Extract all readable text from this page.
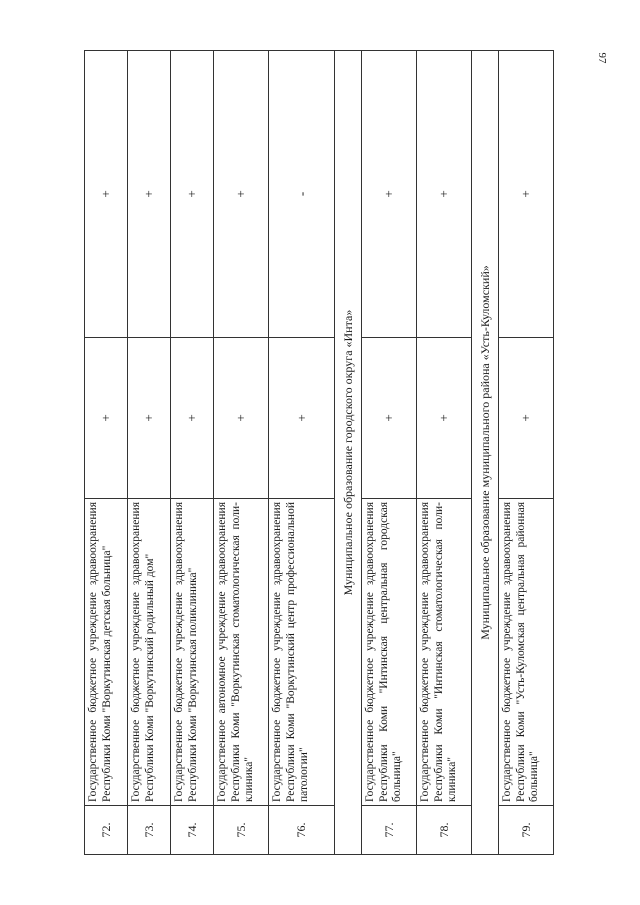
97
72.	Государственное бюджетное учреждение здравоохранения Республики Коми "Воркутинская детская больница"	+	+
73.	Государственное бюджетное учреждение здравоохранения Республики Коми "Воркутинский родильный дом"	+	+
74.	Государственное бюджетное учреждение здравоохранения Республики Коми "Воркутинская поликлиника"	+	+
75.	Государственное автономное учреждение здравоохранения Республики Коми "Воркутинская стоматологическая поли-клиника"	+	+
76.	Государственное бюджетное учреждение здравоохранения Республики Коми "Воркутинский центр профессиональной патологии"	+	-
Муниципальное образование городского округа «Инта»			
77.	Государственное бюджетное учреждение здравоохранения Республики Коми "Интинская центральная городская больница"	+	+
78.	Государственное бюджетное учреждение здравоохранения Республики Коми "Интинская стоматологическая поли-клиника"	+	+
Муниципальное образование муниципального района «Усть-Куломский»			
79.	Государственное бюджетное учреждение здравоохранения Республики Коми "Усть-Куломская центральная районная больница"	+	+
